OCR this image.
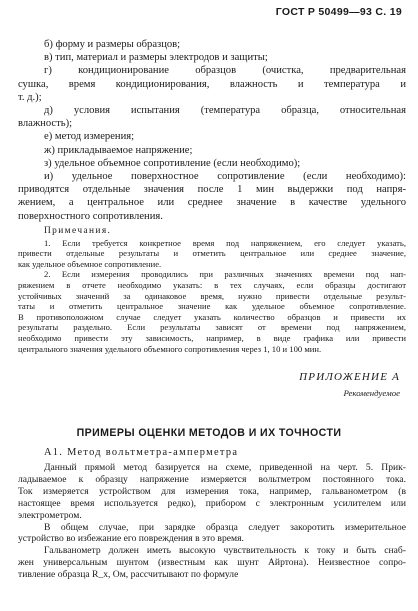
ГОСТ Р 50499—93 С. 19
б) форму и размеры образцов;
в) тип, материал и размеры электродов и защиты;
г) кондиционирование образцов (очистка, предварительная
сушка, время кондиционирования, влажность и температура и
т. д.);
д) условия испытания (температура образца, относительная
влажность);
е) метод измерения;
ж) прикладываемое напряжение;
з) удельное объемное сопротивление (если необходимо);
и) удельное поверхностное сопротивление (если необходимо):
приводятся отдельные значения после 1 мин выдержки под напря-
жением, а центральное или среднее значение в качестве удельного
поверхностного сопротивления.
Примечания.
1. Если требуется конкретное время под напряжением, его следует указать,
привести отдельные результаты и отметить центральное или среднее значение,
как удельное объемное сопротивление.
2. Если измерения проводились при различных значениях времени под нап-
ряжением в отчете необходимо указать: в тех случаях, если образцы достигают
устойчивых значений за одинаковое время, нужно привести отдельные результ-
таты и отметить центральное значение как удельное объемное сопротивление.
В противоположном случае следует указать количество образцов и привести их
результаты раздельно. Если результаты зависят от времени под напряжением,
необходимо привести эту зависимость, например, в виде графика или привести
центрального значения удельного объемного сопротивления через 1, 10 и 100 мин.
ПРИЛОЖЕНИЕ А
Рекомендуемое
ПРИМЕРЫ ОЦЕНКИ МЕТОДОВ И ИХ ТОЧНОСТИ
А1. Метод вольтметра-амперметра
Данный прямой метод базируется на схеме, приведенной на черт. 5. Прик-
ладываемое к образцу напряжение измеряется вольтметром постоянного тока.
Ток измеряется устройством для измерения тока, например, гальванометром (в
настоящее время используется редко), прибором с электронным усилителем или
электрометром.
В общем случае, при зарядке образца следует закоротить измерительное
устройство во избежание его повреждения в это время.
Гальванометр должен иметь высокую чувствительность к току и быть снаб-
жен универсальным шунтом (известным как шунт Айртона). Неизвестное сопро-
тивление образца R_x, Ом, рассчитывают по формуле
